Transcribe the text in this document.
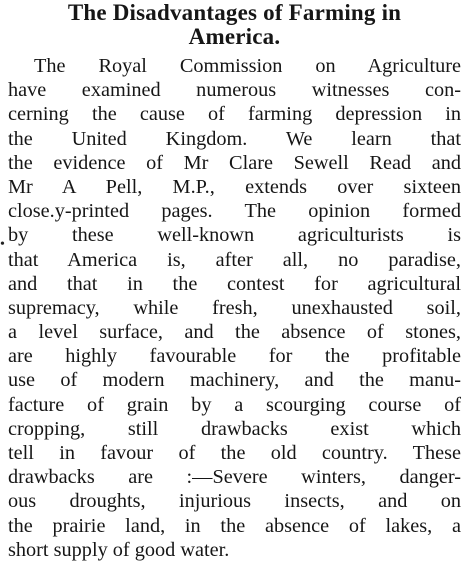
The Disadvantages of Farming in
America.
The Royal Commission on Agriculture
have examined numerous witnesses con-
cerning the cause of farming depression in
the United Kingdom. We learn that
the evidence of Mr Clare Sewell Read and
Mr A Pell, M.P., extends over sixteen
close.y-printed pages. The opinion formed
by these well-known agriculturists is
that America is, after all, no paradise,
and that in the contest for agricultural
supremacy, while fresh, unexhausted soil,
a level surface, and the absence of stones,
are highly favourable for the profitable
use of modern machinery, and the manu-
facture of grain by a scourging course of
cropping, still drawbacks exist which
tell in favour of the old country. These
drawbacks are :—Severe winters, danger-
ous droughts, injurious insects, and on
the prairie land, in the absence of lakes, a
short supply of good water.
•
